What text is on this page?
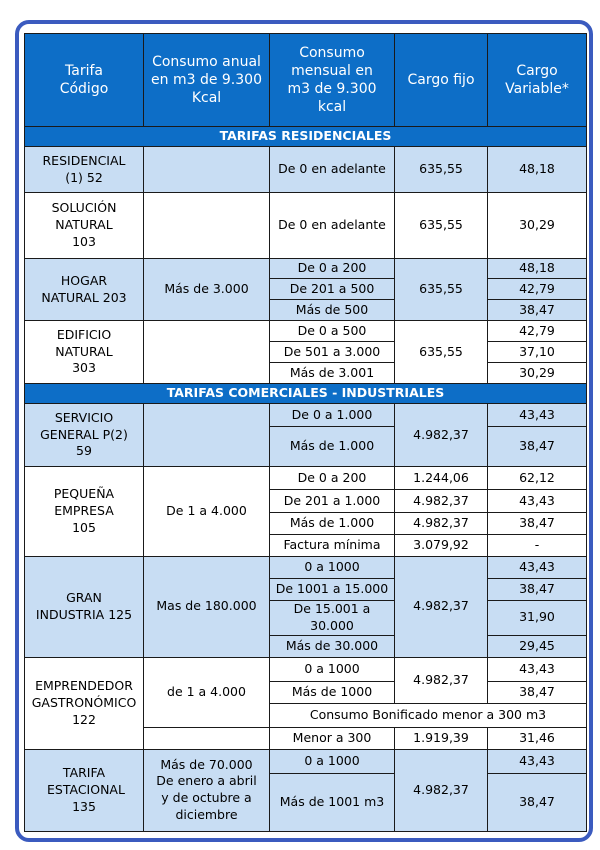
Tarifa Código	Consumo anual en m3 de 9.300 Kcal	Consumo mensual en m3 de 9.300 kcal	Cargo fijo	Cargo Variable*
TARIFAS RESIDENCIALES				
RESIDENCIAL (1) 52		De 0 en adelante	635,55	48,18
SOLUCIÓN NATURAL 103		De 0 en adelante	635,55	30,29
HOGAR NATURAL 203	Más de 3.000	De 0 a 200	635,55	48,18
		De 201 a 500		42,79
		Más de 500		38,47
EDIFICIO NATURAL 303		De 0 a 500	635,55	42,79
		De 501 a 3.000		37,10
		Más de 3.001		30,29
TARIFAS COMERCIALES - INDUSTRIALES				
SERVICIO GENERAL P(2) 59		De 0 a 1.000	4.982,37	43,43
		Más de 1.000		38,47
PEQUEÑA EMPRESA 105	De 1 a 4.000	De 0 a 200	1.244,06	62,12
		De 201 a 1.000	4.982,37	43,43
		Más de 1.000	4.982,37	38,47
		Factura mínima	3.079,92	-
GRAN INDUSTRIA 125	Mas de 180.000	0 a 1000	4.982,37	43,43
		De 1001 a 15.000		38,47
		De 15.001 a 30.000		31,90
		Más de 30.000		29,45
EMPRENDEDOR GASTRONÓMICO 122	de 1 a 4.000	0 a 1000	4.982,37	43,43
		Más de 1000		38,47
		Consumo Bonificado menor a 300 m3		
		Menor a 300	1.919,39	31,46
TARIFA ESTACIONAL 135	Más de 70.000 De enero a abril y de octubre a diciembre	0 a 1000	4.982,37	43,43
		Más de 1001 m3		38,47
